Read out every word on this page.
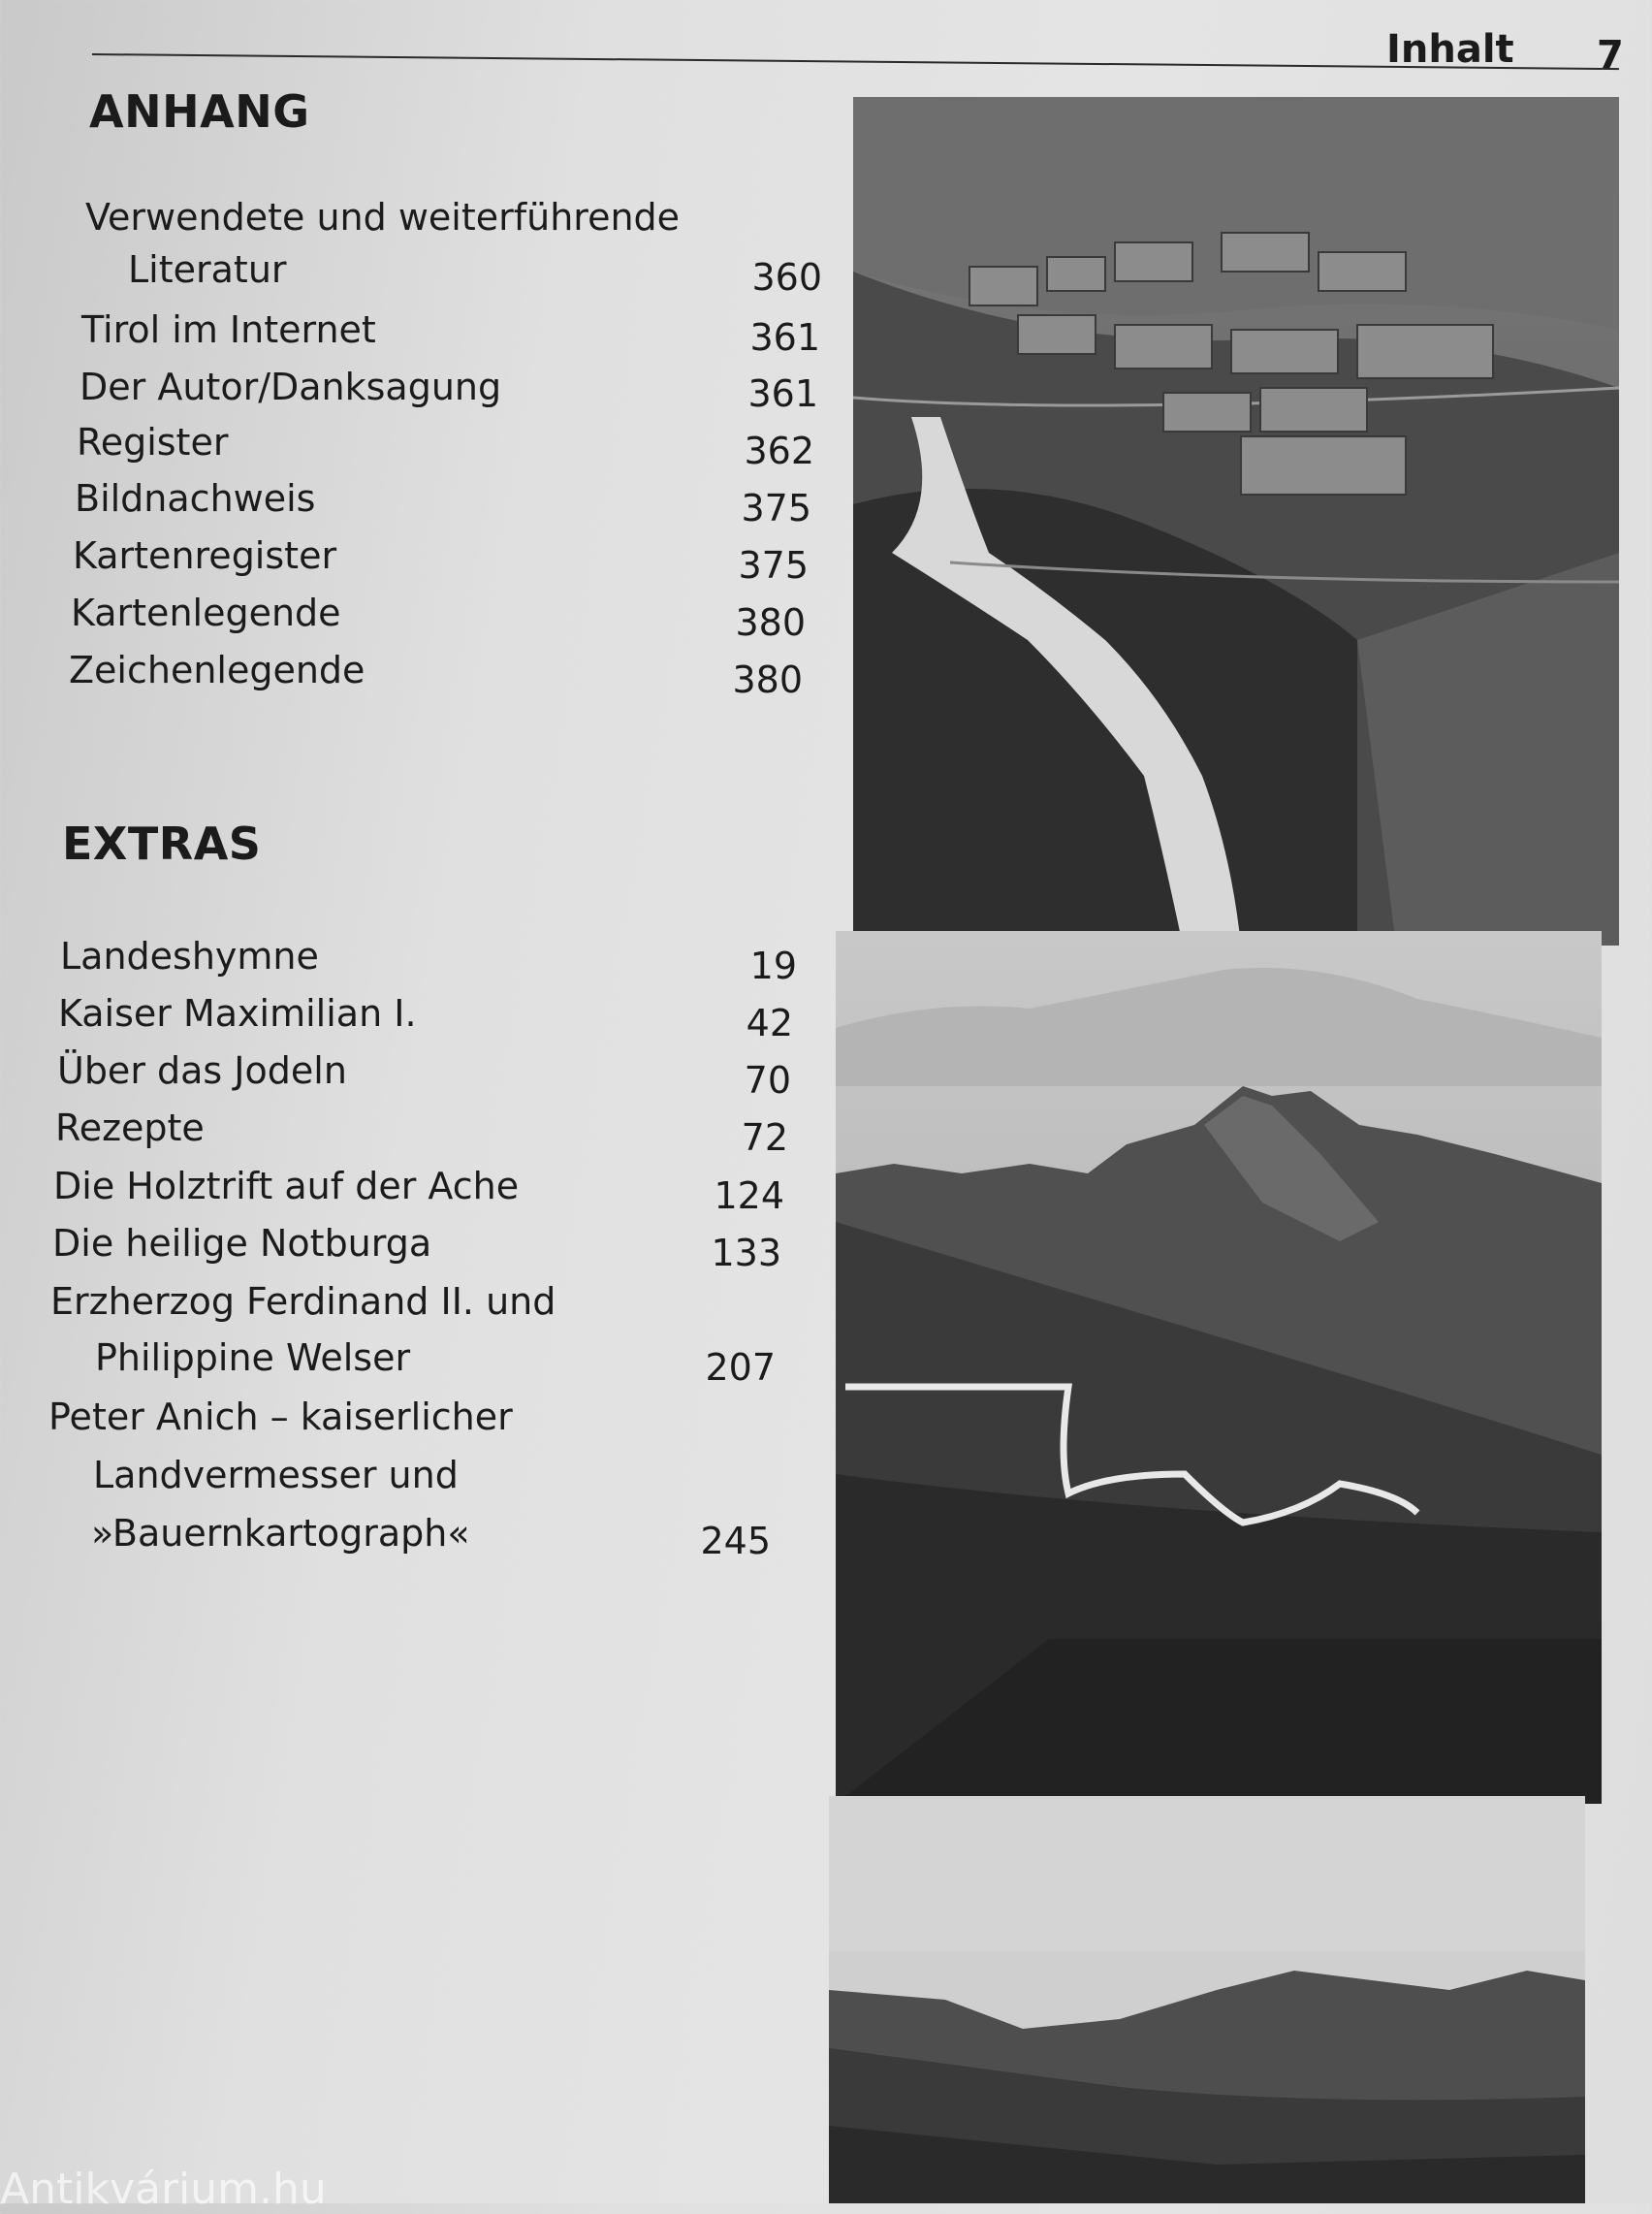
Inhalt 7
ANHANG
Verwendete und weiterführende
Literatur	360
Tirol im Internet	361
Der Autor/Danksagung	361
Register	362
Bildnachweis	375
Kartenregister	375
Kartenlegende	380
Zeichenlegende	380
EXTRAS
Landeshymne	19
Kaiser Maximilian I.	42
Über das Jodeln	70
Rezepte	72
Die Holztrift auf der Ache	124
Die heilige Notburga	133
Erzherzog Ferdinand II. und
Philippine Welser	207
Peter Anich – kaiserlicher
Landvermesser und
»Bauernkartograph«	245
Antikvárium.hu
